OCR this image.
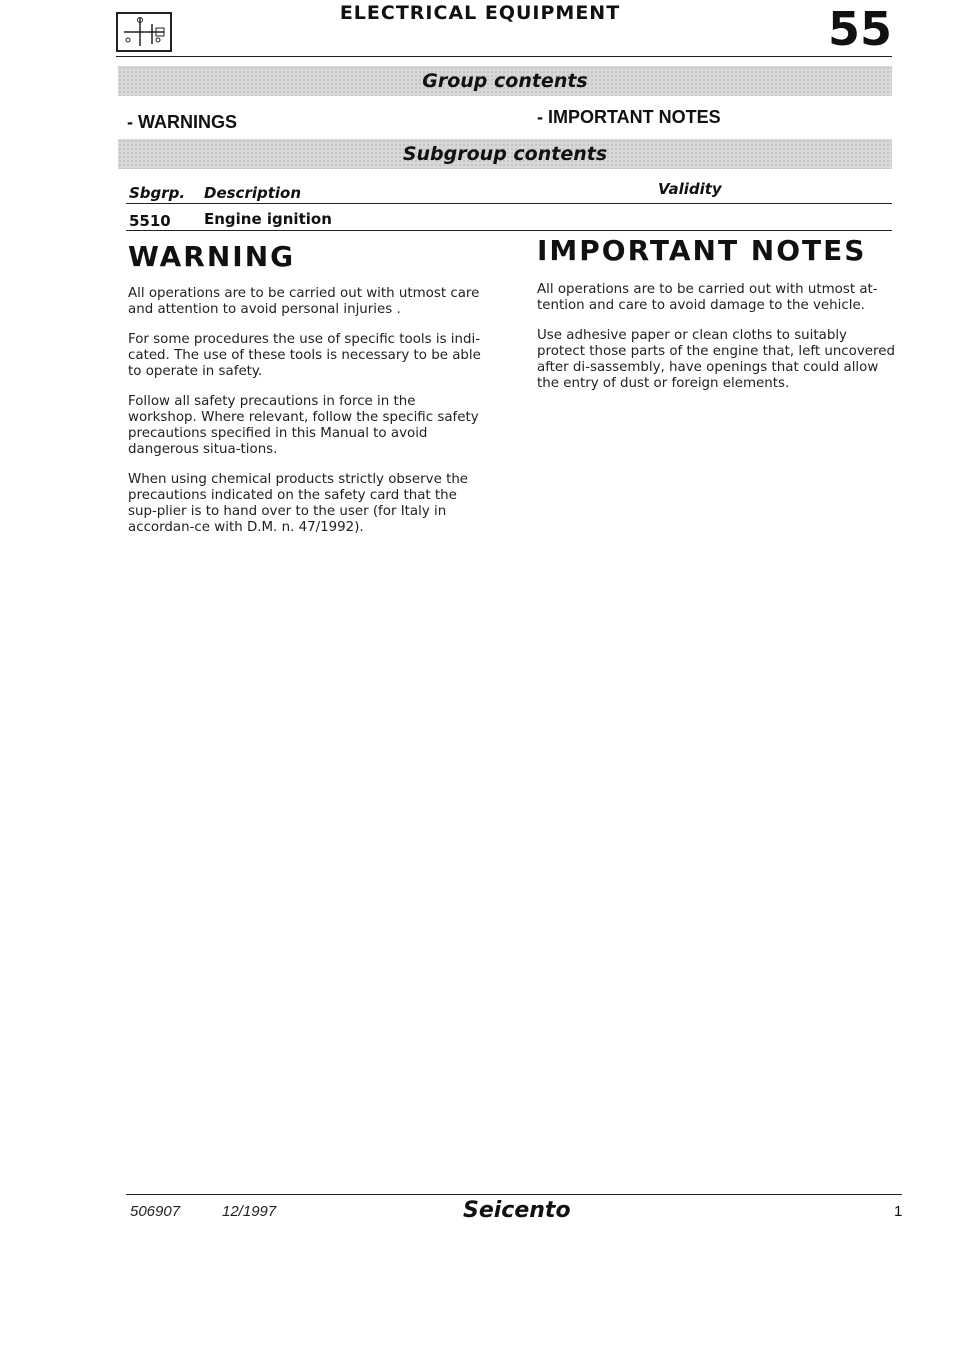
ELECTRICAL EQUIPMENT	55
Group contents
- WARNINGS	- IMPORTANT NOTES
Subgroup contents
Sbgrp. Description	Validity
5510 Engine ignition
WARNING

All operations are to be carried out with utmost care and attention to avoid personal injuries .

For some procedures the use of specific tools is indi-cated. The use of these tools is necessary to be able to operate in safety.

Follow all safety precautions in force in the workshop. Where relevant, follow the specific safety precautions specified in this Manual to avoid dangerous situa-tions.

When using chemical products strictly observe the precautions indicated on the safety card that the sup-plier is to hand over to the user (for Italy in accordan-ce with D.M. n. 47/1992).

IMPORTANT NOTES

All operations are to be carried out with utmost at-tention and care to avoid damage to the vehicle.

Use adhesive paper or clean cloths to suitably protect those parts of the engine that, left uncovered after di-sassembly, have openings that could allow the entry of dust or foreign elements.

506907	12/1997	Seicento	1
